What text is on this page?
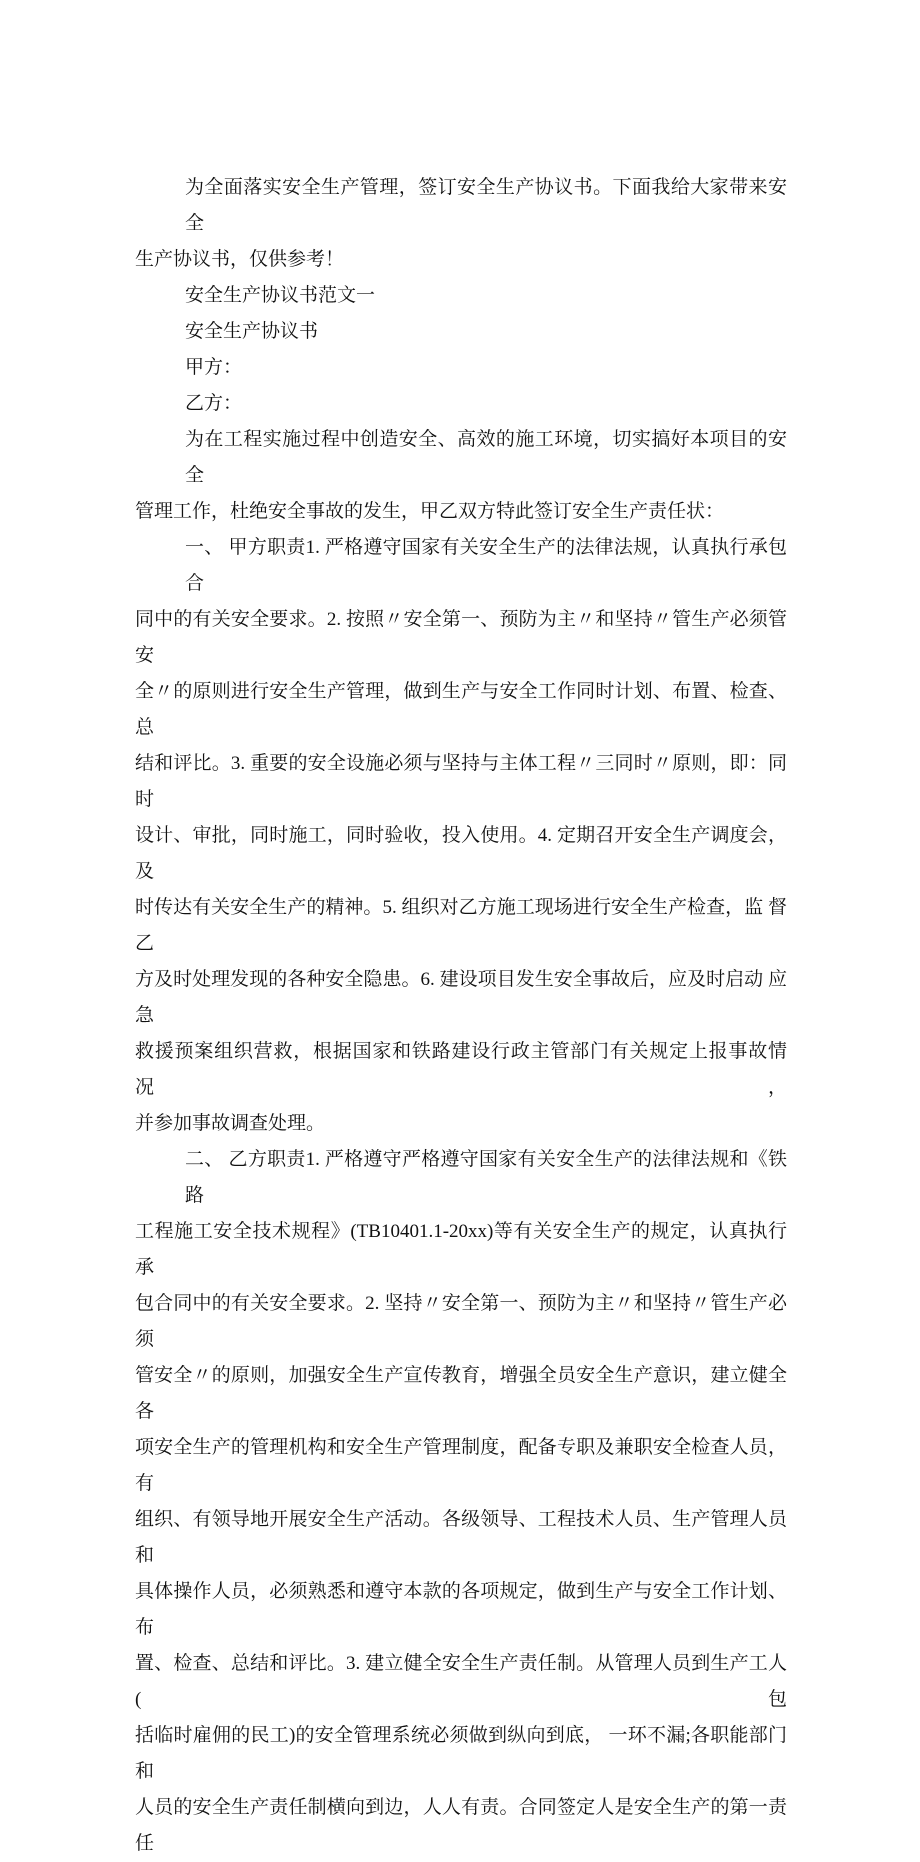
为全面落实安全生产管理，签订安全生产协议书。下面我给大家带来安全
生产协议书，仅供参考！
安全生产协议书范文一
安全生产协议书
甲方：
乙方：
为在工程实施过程中创造安全、高效的施工环境，切实搞好本项目的安 全
管理工作，杜绝安全事故的发生，甲乙双方特此签订安全生产责任状：
一、 甲方职责1. 严格遵守国家有关安全生产的法律法规，认真执行承包 合
同中的有关安全要求。2. 按照〃安全第一、预防为主〃和坚持〃管生产必须管安
全〃的原则进行安全生产管理，做到生产与安全工作同时计划、布置、检查、总
结和评比。3. 重要的安全设施必须与坚持与主体工程〃三同时〃原则，即：同时
设计、审批，同时施工，同时验收，投入使用。4. 定期召开安全生产调度会， 及
时传达有关安全生产的精神。5. 组织对乙方施工现场进行安全生产检查，监 督乙
方及时处理发现的各种安全隐患。6. 建设项目发生安全事故后，应及时启动 应急
救援预案组织营救，根据国家和铁路建设行政主管部门有关规定上报事故情 况，
并参加事故调查处理。
二、 乙方职责1. 严格遵守严格遵守国家有关安全生产的法律法规和《铁 路
工程施工安全技术规程》(TB10401.1-20xx)等有关安全生产的规定，认真执行 承
包合同中的有关安全要求。2. 坚持〃安全第一、预防为主〃和坚持〃管生产必须
管安全〃的原则，加强安全生产宣传教育，增强全员安全生产意识，建立健全各
项安全生产的管理机构和安全生产管理制度，配备专职及兼职安全检查人员，有
组织、有领导地开展安全生产活动。各级领导、工程技术人员、生产管理人员和
具体操作人员，必须熟悉和遵守本款的各项规定，做到生产与安全工作计划、布
置、检查、总结和评比。3. 建立健全安全生产责任制。从管理人员到生产工人(包
括临时雇佣的民工)的安全管理系统必须做到纵向到底， 一环不漏;各职能部门和
人员的安全生产责任制横向到边，人人有责。合同签定人是安全生产的第一责任
